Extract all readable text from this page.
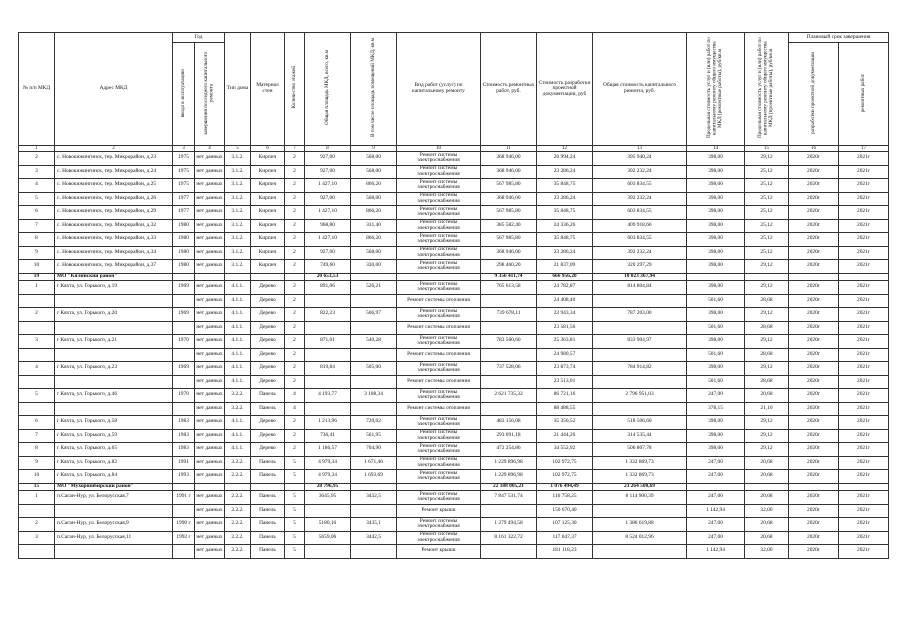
№ п/п МКД	Адрес МКД	Год		Тип дома	Материал стен	Количество этажей	Общая площадь МКД, всего, кв.м	В том числе площадь помещений МКД, кв.м	Вид работ (услуг) по капитальному ремонту	Стоимость ремонтных работ, руб.	Стоимость разработки проектной документации, руб	Общая стоимость капитального ремонта, руб.	Предельная стоимость услуг и (или) работ по капитальному ремонту общего имущества МКД (ремонтные работы), руб/кв.м	Предельная стоимость услуг и (или) работ по капитальному ремонту общего имущества МКД (проектные работы), руб/кв.м	Плановый срок завершения	
		ввода в эксплуатацию	завершения последнего капитального ремонта												разработки проектной документации	ремонтных работ
1	2	3	4	5	6	7	8	9	10	11	12	13	14	15	16	17
2	с. Новокижингинск, тер. Микрорайон, д.23	1975	нет данных	3.1.2.	Кирпич	2	927,00	568,00	Ремонт системы электроснабжения	368 946,00	26 994,24	395 940,24	398,00	29,12	2020г	2021г
3	с. Новокижингинск, тер. Микрорайон, д.24	1975	нет данных	3.1.2.	Кирпич	2	927,00	568,00	Ремонт системы электроснабжения	368 946,00	23 286,24	392 232,24	398,00	25,12	2020г	2021г
4	с. Новокижингинск, тер. Микрорайон, д.25	1975	нет данных	3.1.2.	Кирпич	2	1 427,10	866,20	Ремонт системы электроснабжения	567 985,80	35 848,75	603 834,55	398,00	25,12	2020г	2021г
5	с. Новокижингинск, тер. Микрорайон, д.26	1977	нет данных	3.1.2.	Кирпич	2	927,00	568,00	Ремонт системы электроснабжения	368 946,00	23 286,24	392 232,24	398,00	25,12	2020г	2021г
6	с. Новокижингинск, тер. Микрорайон, д.29	1977	нет данных	3.1.2.	Кирпич	2	1 427,10	866,20	Ремонт системы электроснабжения	567 985,80	35 848,75	603 834,55	398,00	25,12	2020г	2021г
7	с. Новокижингинск, тер. Микрорайон, д.32	1980	нет данных	3.1.2.	Кирпич	2	968,80	331,40	Ремонт системы электроснабжения	385 582,40	24 336,26	409 918,66	398,00	25,12	2020г	2021г
8	с. Новокижингинск, тер. Микрорайон, д.33	1980	нет данных	3.1.2.	Кирпич	2	1 427,10	866,20	Ремонт системы электроснабжения	567 985,80	35 848,75	603 834,55	398,00	25,12	2020г	2021г
9	с. Новокижингинск, тер. Микрорайон, д.34	1980	нет данных	3.1.2.	Кирпич	2	927,00	568,00	Ремонт системы электроснабжения	368 946,00	23 286,24	392 232,24	398,00	25,12	2020г	2021г
10	с. Новокижингинск, тер. Микрорайон, д.37	1980	нет данных	3.1.2.	Кирпич	2	749,60	330,00	Ремонт системы электроснабжения	298 460,20	21 837,09	320 297,29	398,00	29,12	2020г	2021г
19	МО "Кялинский район"						20 653,53			9 356 411,74	666 956,20	10 023 367,94				
1	г Кяхта, ул. Горького, д.19	1969	нет данных	4.1.1.	Дерево	2	891,06	526,21	Ремонт системы электроснабжения	765 613,58	24 782,87	814 804,84	398,00	29,12	2020г	2021г
			нет данных	4.1.1.	Дерево	2			Ремонт системы отопления		24 408,40		501,60	28,68	2020г	2021г
2	г Кяхта, ул. Горького, д.20	1969	нет данных	4.1.1.	Дерево	2	822,23	506,97	Ремонт системы электроснабжения	739 678,11	23 943,34	787 203,00	398,00	29,12	2020г	2021г
			нет данных	4.1.1.	Дерево	2			Ремонт системы отопления		23 581,56		501,60	28,68	2020г	2021г
3	г Кяхта, ул. Горького, д.21	1970	нет данных	4.1.1.	Дерево	2	871,01	540,28	Ремонт системы электроснабжения	783 560,60	25 363,81	833 904,97	398,00	29,12	2020г	2021г
			нет данных	4.1.1.	Дерево	2			Ремонт системы отопления		24 980,57		501,60	28,68	2020г	2021г
4	г Кяхта, ул. Горького, д.23	1969	нет данных	4.1.1.	Дерево	2	819,84	505,00	Ремонт системы электроснабжения	737 528,06	23 873,74	784 914,82	398,00	29,12	2020г	2021г
			нет данных	4.1.1.	Дерево	2			Ремонт системы отопления		23 513,01		501,60	28,68	2020г	2021г
5	г Кяхта, ул. Горького, д.46	1970	нет данных	3.2.2.	Панель	4	4 193,77	3 108,34	Ремонт системы электроснабжения	2 621 735,32	86 721,16	2 796 951,03	247,00	20,68	2020г	2021г
			нет данных	3.2.2.	Панель	4			Ремонт системы отопления		88 488,55		378,15	21,10	2020г	2021г
6	г Кяхта, ул. Горького, д.58	1983	нет данных	4.1.1.	Дерево	2	1 213,96	720,02	Ремонт системы электроснабжения	483 156,08	35 350,52	518 506,60	398,00	29,12	2020г	2021г
7	г Кяхта, ул. Горького, д.59	1983	нет данных	4.1.1.	Дерево	2	736,41	561,95	Ремонт системы электроснабжения	293 091,18	21 444,26	314 535,44	398,00	29,12	2020г	2021г
8	г Кяхта, ул. Горького, д.65	1983	нет данных	4.1.1.	Дерево	2	1 186,57	704,90	Ремонт системы электроснабжения	472 254,86	34 552,92	506 807,78	398,00	29,12	2020г	2021г
9	г Кяхта, ул. Горького, д.82	1991	нет данных	3.2.2.	Панель	5	4 979,34	1 671,46	Ремонт системы электроснабжения	1 229 896,98	102 972,75	1 332 869,73	247,00	20,68	2020г	2021г
10	г Кяхта, ул. Горького, д.84	1993	нет данных	2.2.2.	Панель	5	4 979,34	1 693,69	Ремонт системы электроснабжения	1 229 896,98	102 972,75	1 332 869,73	247,00	20,68	2020г	2021г
15	МО "Мухоршибирский район"						28 796,95			22 188 005,21	1 076 494,49	23 264 500,69				
1	п.Саган-Нур, ул. Белорусская,7	1991 г	нет данных	2.2.2.	Панель	5	3645,95	3432,5	Ремонт системы электроснабжения	7 847 531,74	116 758,25	8 114 900,39	247,00	20,68	2020г	2021г
			нет данных	2.2.2.	Панель	5			Ремонт крыши		150 670,40		1 142,94	32,00	2020г	2021г
2	п.Саган-Нур, ул. Белорусская,9	1990 г	нет данных	2.2.2.	Панель	5	5180,16	3435,1	Ремонт системы электроснабжения	1 279 494,58	107 125,30	1 386 619,88	247,00	20,68	2020г	2021г
3	п.Саган-Нур, ул. Белорусская,11	1992 г	нет данных	2.2.2.	Панель	5	5659,06	3442,5	Ремонт системы электроснабжения	8 161 322,72	117 047,37	8 524 012,96	247,00	20,68	2020г	2021г
			нет данных	2.2.2.	Панель	5			Ремонт крыши		181 118,23		1 142,94	32,00	2020г	2021г
